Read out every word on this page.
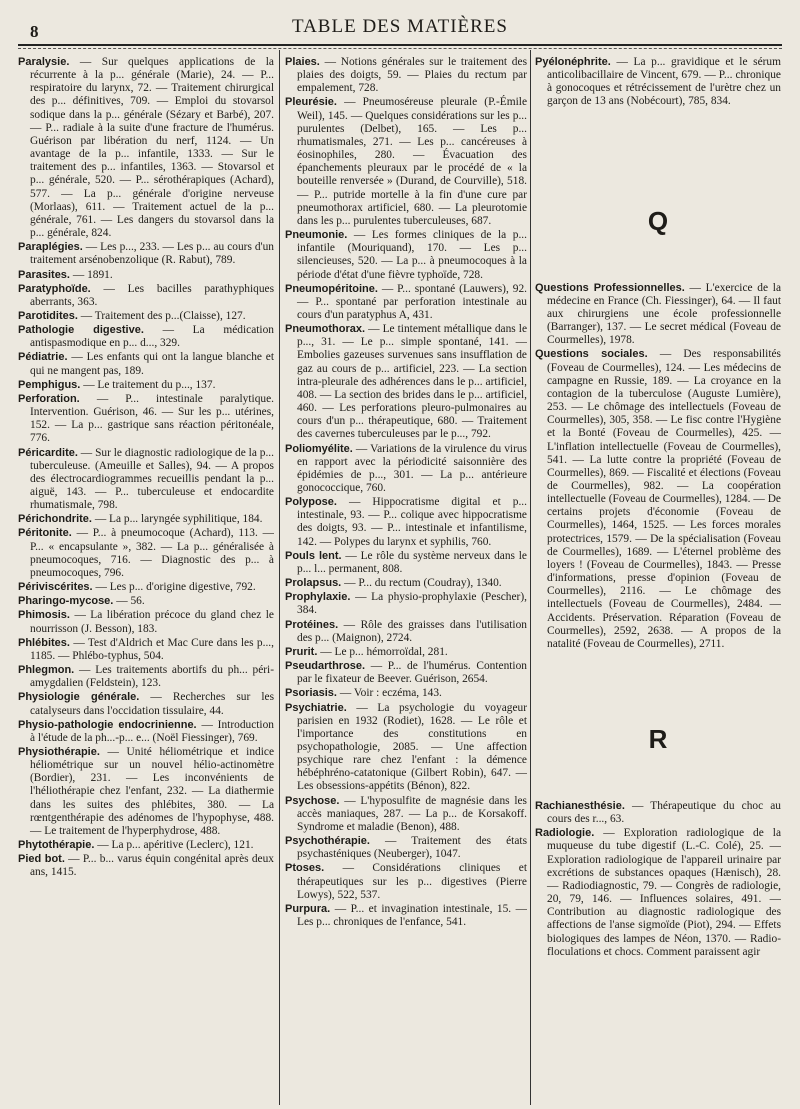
8	TABLE DES MATIÈRES

Paralysie. — Sur quelques applications de la récurrente à la p... générale (Marie), 24. — P... respiratoire du larynx, 72. — Traitement chirurgical des p... définitives, 709. — Emploi du stovarsol sodique dans la p... générale (Sézary et Barbé), 207. — P... radiale à la suite d'une fracture de l'humérus. Guérison par libération du nerf, 1124. — Un avantage de la p... infantile, 1333. — Sur le traitement des p... infantiles, 1363. — Stovarsol et p... générale, 520. — P... sérothérapiques (Achard), 577. — La p... générale d'origine nerveuse (Morlaas), 611. — Traitement actuel de la p... générale, 761. — Les dangers du stovarsol dans la p... générale, 824.

Paraplégies. — Les p..., 233. — Les p... au cours d'un traitement arsénobenzolique (R. Rabut), 789.

Parasites. — 1891.

Paratyphoïde. — Les bacilles parathyphiques aberrants, 363.

Parotidites. — Traitement des p...(Claisse), 127.

Pathologie digestive. — La médication antispasmodique en p... d..., 329.

Pédiatrie. — Les enfants qui ont la langue blanche et qui ne mangent pas, 189.

Pemphigus. — Le traitement du p..., 137.

Perforation. — P... intestinale paralytique. Intervention. Guérison, 46. — Sur les p... utérines, 152. — La p... gastrique sans réaction péritonéale, 776.

Péricardite. — Sur le diagnostic radiologique de la p... tuberculeuse. (Ameuille et Salles), 94. — A propos des électrocardiogrammes recueillis pendant la p... aiguë, 143. — P... tuberculeuse et endocardite rhumatismale, 798.

Périchondrite. — La p... laryngée syphilitique, 184.

Péritonite. — P... à pneumocoque (Achard), 113. — P... « encapsulante », 382. — La p... généralisée à pneumocoques, 716. — Diagnostic des p... à pneumocoques, 796.

Périviscérites. — Les p... d'origine digestive, 792.

Pharingo-mycose. — 56.

Phimosis. — La libération précoce du gland chez le nourrisson (J. Besson), 183.

Phlébites. — Test d'Aldrich et Mac Cure dans les p..., 1185. — Phlébo-typhus, 504.

Phlegmon. — Les traitements abortifs du ph... péri-amygdalien (Feldstein), 123.

Physiologie générale. — Recherches sur les catalyseurs dans l'occidation tissulaire, 44.

Physio-pathologie endocrinienne. — Introduction à l'étude de la ph...-p... e... (Noël Fiessinger), 769.

Physiothérapie. — Unité héliométrique et indice héliométrique sur un nouvel hélio-actinomètre (Bordier), 231. — Les inconvénients de l'héliothérapie chez l'enfant, 232. — La diathermie dans les suites des phlébites, 380. — La rœntgenthérapie des adénomes de l'hypophyse, 488. — Le traitement de l'hyperphydrose, 488.

Phytothérapie. — La p... apéritive (Leclerc), 121.

Pied bot. — P... b... varus équin congénital après deux ans, 1415.

Plaies. — Notions générales sur le traitement des plaies des doigts, 59. — Plaies du rectum par empalement, 728.

Pleurésie. — Pneumoséreuse pleurale (P.-Émile Weil), 145. — Quelques considérations sur les p... purulentes (Delbet), 165. — Les p... rhumatismales, 271. — Les p... cancéreuses à éosinophiles, 280. — Évacuation des épanchements pleuraux par le procédé de « la bouteille renversée » (Durand, de Courville), 518. — P... putride mortelle à la fin d'une cure par pneumothorax artificiel, 680. — La pleurotomie dans les p... purulentes tuberculeuses, 687.

Pneumonie. — Les formes cliniques de la p... infantile (Mouriquand), 170. — Les p... silencieuses, 520. — La p... à pneumocoques à la période d'état d'une fièvre typhoïde, 728.

Pneumopéritoine. — P... spontané (Lauwers), 92. — P... spontané par perforation intestinale au cours d'un paratyphus A, 431.

Pneumothorax. — Le tintement métallique dans le p..., 31. — Le p... simple spontané, 141. — Embolies gazeuses survenues sans insufflation de gaz au cours de p... artificiel, 223. — La section intra-pleurale des adhérences dans le p... artificiel, 408. — La section des brides dans le p... artificiel, 460. — Les perforations pleuro-pulmonaires au cours d'un p... thérapeutique, 680. — Traitement des cavernes tuberculeuses par le p..., 792.

Poliomyélite. — Variations de la virulence du virus en rapport avec la périodicité saisonnière des épidémies de p..., 301. — La p... antérieure gonococcique, 760.

Polypose. — Hippocratisme digital et p... intestinale, 93. — P... colique avec hippocratisme des doigts, 93. — P... intestinale et infantilisme, 142. — Polypes du larynx et syphilis, 760.

Pouls lent. — Le rôle du système nerveux dans le p... l... permanent, 808.

Prolapsus. — P... du rectum (Coudray), 1340.

Prophylaxie. — La physio-prophylaxie (Pescher), 384.

Protéines. — Rôle des graisses dans l'utilisation des p... (Maignon), 2724.

Prurit. — Le p... hémorroïdal, 281.

Pseudarthrose. — P... de l'humérus. Contention par le fixateur de Beever. Guérison, 2654.

Psoriasis. — Voir : eczéma, 143.

Psychiatrie. — La psychologie du voyageur parisien en 1932 (Rodiet), 1628. — Le rôle et l'importance des constitutions en psychopathologie, 2085. — Une affection psychique rare chez l'enfant : la démence hébéphréno-catatonique (Gilbert Robin), 647. — Les obsessions-appétits (Bénon), 822.

Psychose. — L'hyposulfite de magnésie dans les accès maniaques, 287. — La p... de Korsakoff. Syndrome et maladie (Benon), 488.

Psychothérapie. — Traitement des états psychasténiques (Neuberger), 1047.

Ptoses. — Considérations cliniques et thérapeutiques sur les p... digestives (Pierre Lowys), 522, 537.

Purpura. — P... et invagination intestinale, 15. — Les p... chroniques de l'enfance, 541.

Pyélonéphrite. — La p... gravidique et le sérum anticolibacillaire de Vincent, 679. — P... chronique à gonocoques et rétrécissement de l'urètre chez un garçon de 13 ans (Nobécourt), 785, 834.

Q

Questions Professionnelles. — L'exercice de la médecine en France (Ch. Fiessinger), 64. — Il faut aux chirurgiens une école professionnelle (Barranger), 137. — Le secret médical (Foveau de Courmelles), 1978.

Questions sociales. — Des responsabilités (Foveau de Courmelles), 124. — Les médecins de campagne en Russie, 189. — La croyance en la contagion de la tuberculose (Auguste Lumière), 253. — Le chômage des intellectuels (Foveau de Courmelles), 305, 358. — Le fisc contre l'Hygiène et la Bonté (Foveau de Courmelles), 425. — L'inflation intellectuelle (Foveau de Courmelles), 541. — La lutte contre la propriété (Foveau de Courmelles), 869. — Fiscalité et élections (Foveau de Courmelles), 982. — La coopération intellectuelle (Foveau de Courmelles), 1284. — De certains projets d'économie (Foveau de Courmelles), 1464, 1525. — Les forces morales protectrices, 1579. — De la spécialisation (Foveau de Courmelles), 1689. — L'éternel problème des loyers ! (Foveau de Courmelles), 1843. — Presse d'informations, presse d'opinion (Foveau de Courmelles), 2116. — Le chômage des intellectuels (Foveau de Courmelles), 2484. — Accidents. Préservation. Réparation (Foveau de Courmelles), 2592, 2638. — A propos de la natalité (Foveau de Courmelles), 2711.

R

Rachianesthésie. — Thérapeutique du choc au cours des r..., 63.

Radiologie. — Exploration radiologique de la muqueuse du tube digestif (L.-C. Colé), 25. — Exploration radiologique de l'appareil urinaire par excrétions de substances opaques (Hænisch), 28. — Radiodiagnostic, 79. — Congrès de radiologie, 20, 79, 146. — Influences solaires, 491. — Contribution au diagnostic radiologique des affections de l'anse sigmoïde (Piot), 294. — Effets biologiques des lampes de Néon, 1370. — Radio-floculations et chocs. Comment paraissent agir
